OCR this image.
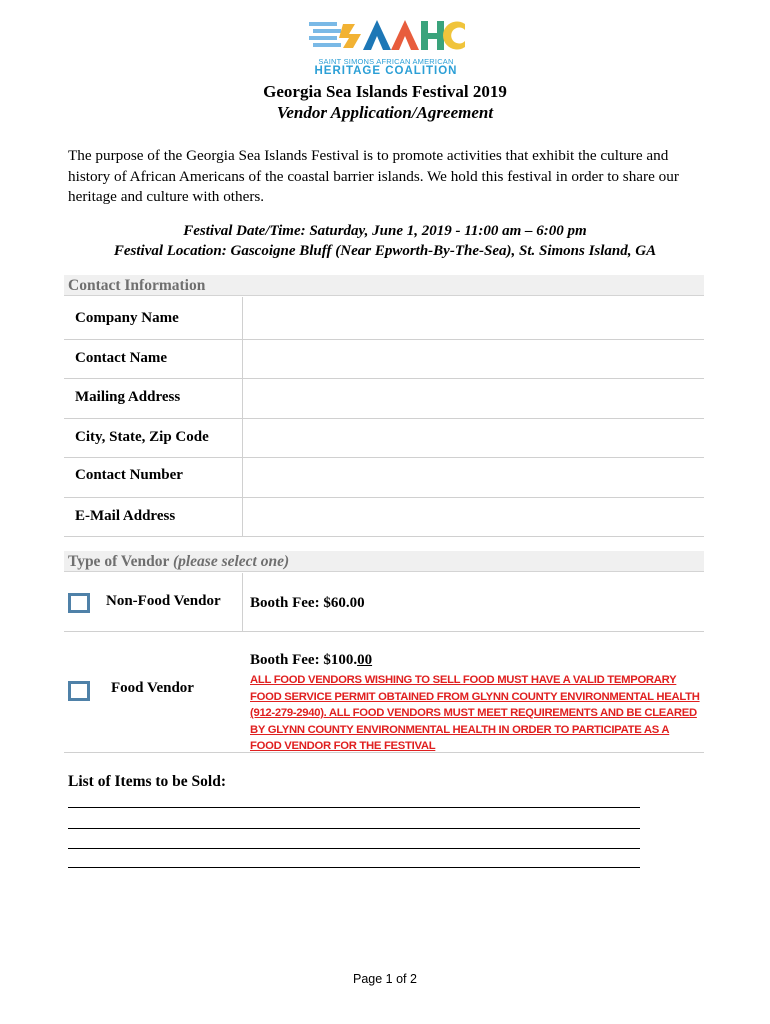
SAINT SIMONS AFRICAN AMERICAN
HERITAGE COALITION
Georgia Sea Islands Festival 2019
Vendor Application/Agreement
The purpose of the Georgia Sea Islands Festival is to promote activities that exhibit the culture and history of African Americans of the coastal barrier islands. We hold this festival in order to share our heritage and culture with others.
Festival Date/Time: Saturday, June 1, 2019 - 11:00 am – 6:00 pm
Festival Location: Gascoigne Bluff (Near Epworth-By-The-Sea), St. Simons Island, GA
Contact Information
Company Name
Contact Name
Mailing Address
City, State, Zip Code
Contact Number
E-Mail Address
Type of Vendor (please select one)
Non-Food Vendor Booth Fee: $60.00
Food Vendor
Booth Fee: $100.00
ALL FOOD VENDORS WISHING TO SELL FOOD MUST HAVE A VALID TEMPORARY FOOD SERVICE PERMIT OBTAINED FROM GLYNN COUNTY ENVIRONMENTAL HEALTH (912-279-2940). ALL FOOD VENDORS MUST MEET REQUIREMENTS AND BE CLEARED BY GLYNN COUNTY ENVIRONMENTAL HEALTH IN ORDER TO PARTICIPATE AS A FOOD VENDOR FOR THE FESTIVAL
List of Items to be Sold:
Page 1 of 2
